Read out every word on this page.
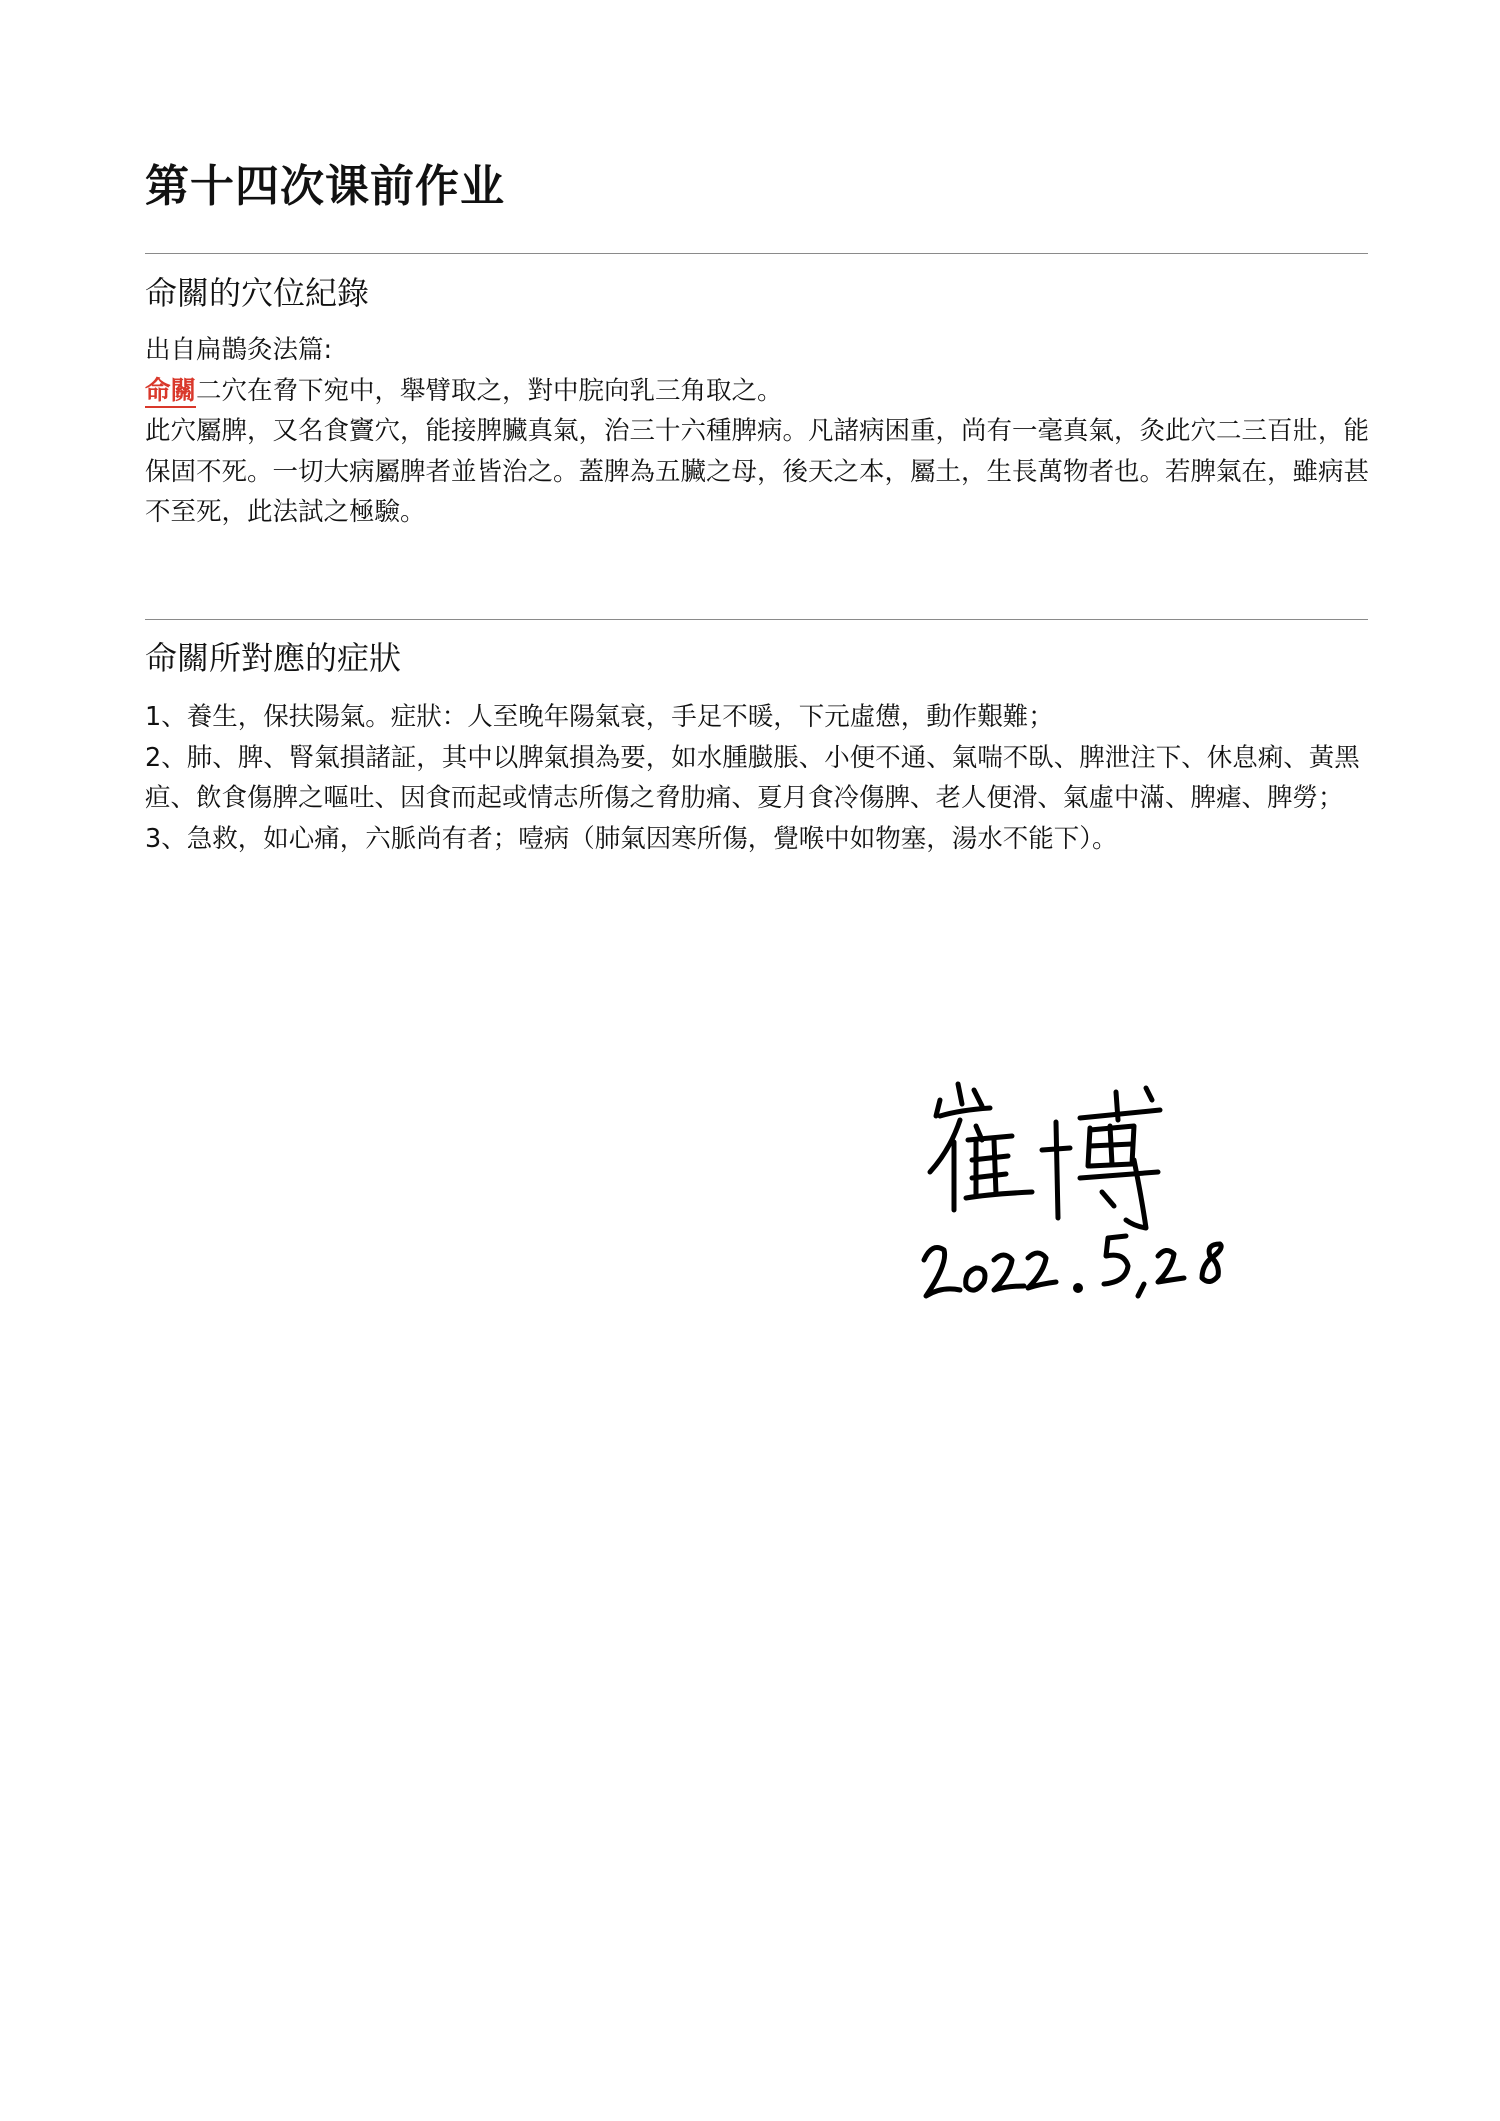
第十四次课前作业
命關的穴位紀錄

出自扁鵲灸法篇:

命關二穴在脅下宛中，舉臂取之，對中脘向乳三角取之。

此穴屬脾，又名食竇穴，能接脾臟真氣，治三十六種脾病。凡諸病困重，尚有一毫真氣，灸此穴二三百壯，能保固不死。一切大病屬脾者並皆治之。蓋脾為五臟之母，後天之本，屬土，生長萬物者也。若脾氣在，雖病甚不至死，此法試之極驗。

命關所對應的症狀

1、養生，保扶陽氣。症狀：人至晚年陽氣衰，手足不暖，下元虛憊，動作艱難；

2、肺、脾、腎氣損諸証，其中以脾氣損為要，如水腫臌脹、小便不通、氣喘不臥、脾泄注下、休息痢、黃黑疸、飲食傷脾之嘔吐、因食而起或情志所傷之脅肋痛、夏月食冷傷脾、老人便滑、氣虛中滿、脾瘧、脾勞；

3、急救，如心痛，六脈尚有者；噎病（肺氣因寒所傷，覺喉中如物塞，湯水不能下）。
